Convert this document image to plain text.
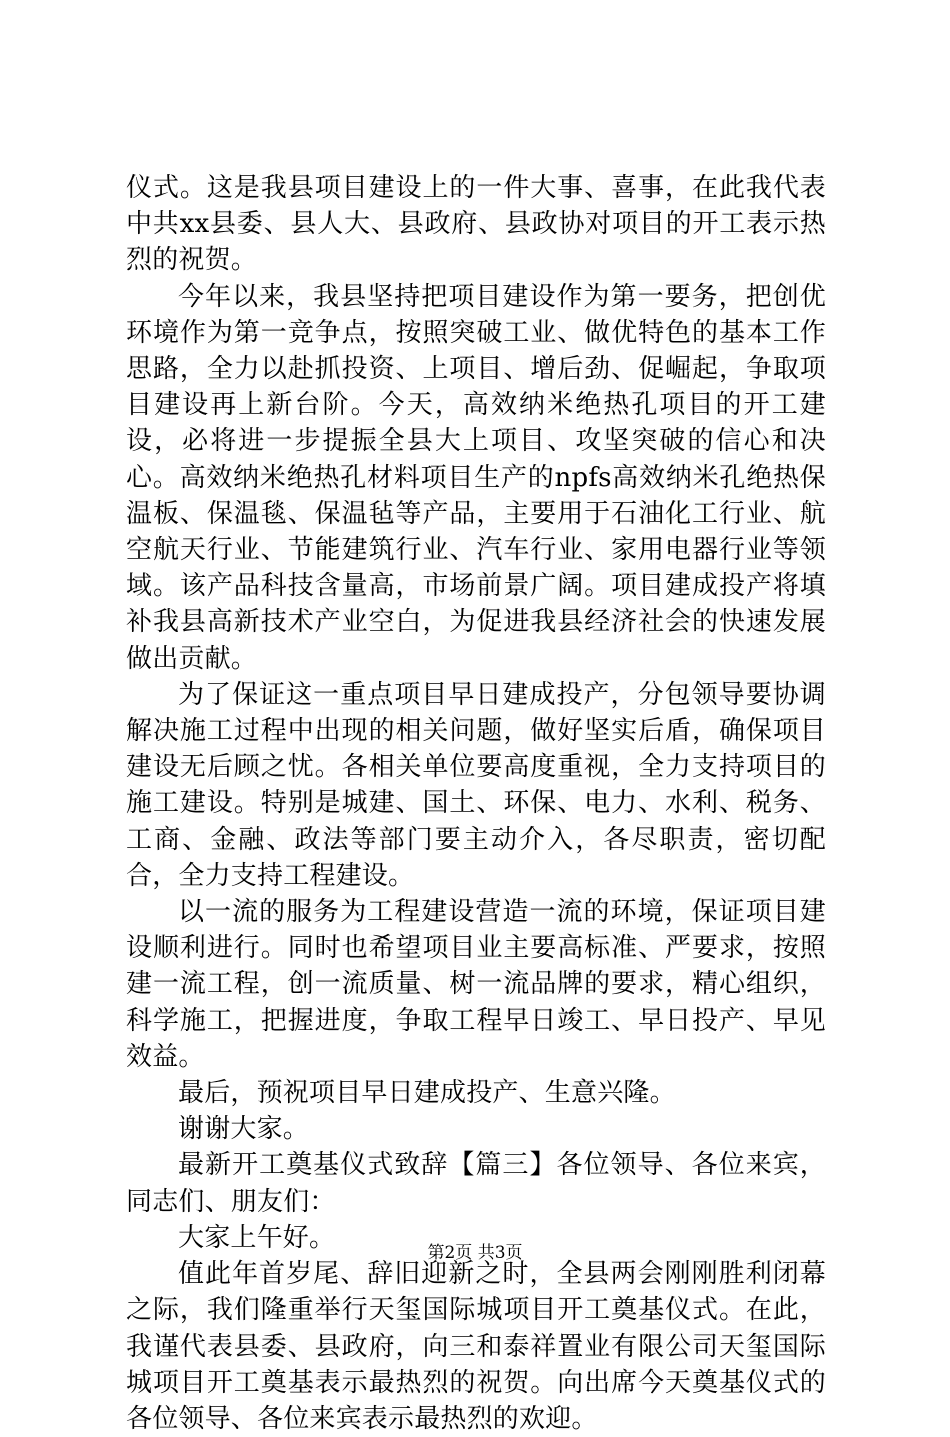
仪式。这是我县项目建设上的一件大事、喜事，在此我代表中共xx县委、县人大、县政府、县政协对项目的开工表示热烈的祝贺。

今年以来，我县坚持把项目建设作为第一要务，把创优环境作为第一竞争点，按照突破工业、做优特色的基本工作思路，全力以赴抓投资、上项目、增后劲、促崛起，争取项目建设再上新台阶。今天，高效纳米绝热孔项目的开工建设，必将进一步提振全县大上项目、攻坚突破的信心和决心。高效纳米绝热孔材料项目生产的npfs高效纳米孔绝热保温板、保温毯、保温毡等产品，主要用于石油化工行业、航空航天行业、节能建筑行业、汽车行业、家用电器行业等领域。该产品科技含量高，市场前景广阔。项目建成投产将填补我县高新技术产业空白，为促进我县经济社会的快速发展做出贡献。

为了保证这一重点项目早日建成投产，分包领导要协调解决施工过程中出现的相关问题，做好坚实后盾，确保项目建设无后顾之忧。各相关单位要高度重视，全力支持项目的施工建设。特别是城建、国土、环保、电力、水利、税务、工商、金融、政法等部门要主动介入，各尽职责，密切配合，全力支持工程建设。

以一流的服务为工程建设营造一流的环境，保证项目建设顺利进行。同时也希望项目业主要高标准、严要求，按照建一流工程，创一流质量、树一流品牌的要求，精心组织，科学施工，把握进度，争取工程早日竣工、早日投产、早见效益。

最后，预祝项目早日建成投产、生意兴隆。

谢谢大家。

最新开工奠基仪式致辞【篇三】各位领导、各位来宾，同志们、朋友们：

大家上午好。

值此年首岁尾、辞旧迎新之时，全县两会刚刚胜利闭幕之际，我们隆重举行天玺国际城项目开工奠基仪式。在此，我谨代表县委、县政府，向三和泰祥置业有限公司天玺国际城项目开工奠基表示最热烈的祝贺。向出席今天奠基仪式的各位领导、各位来宾表示最热烈的欢迎。

第2页 共3页
